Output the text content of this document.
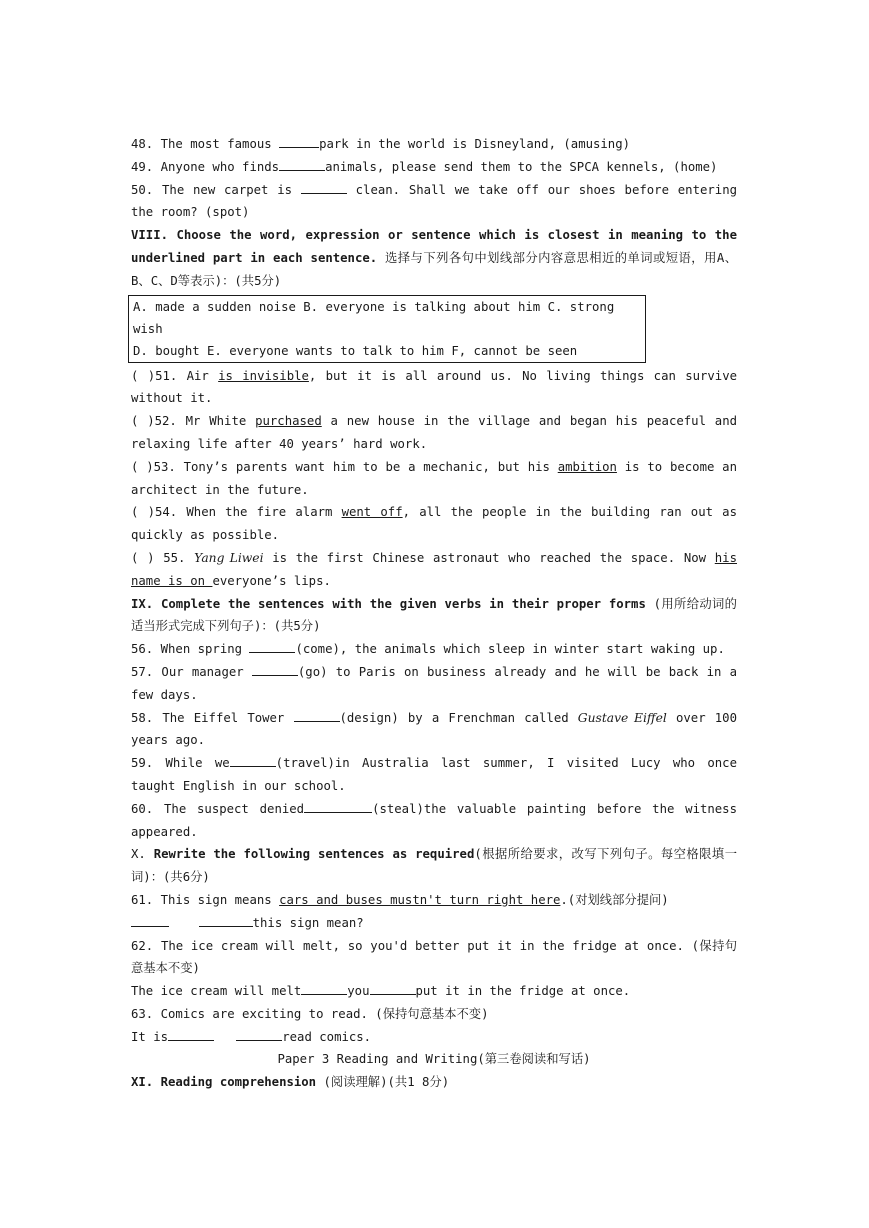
48. The most famous	park in the world is Disneyland, (amusing)

49. Anyone who finds	animals, please send them to the SPCA kennels, (home)

50. The new carpet is	clean. Shall we take off our shoes before entering the room? (spot)

VIII. Choose the word, expression or sentence which is closest in meaning to the underlined part in each sentence. 选择与下列各句中划线部分内容意思相近的单词或短语，用A、B、C、D等表示)：(共5分)

A. made a sudden noise B. everyone is talking about him C. strong wish
D. bought E. everyone wants to talk to him F, cannot be seen

( )51. Air is invisible, but it is all around us. No living things can survive without it.

( )52. Mr White purchased a new house in the village and began his peaceful and relaxing life after 40 years’ hard work.

( )53. Tony’s parents want him to be a mechanic, but his ambition is to become an architect in the future.

( )54. When the fire alarm went off, all the people in the building ran out as quickly as possible.

( ) 55. Yang Liwei is the first Chinese astronaut who reached the space. Now his name is on everyone’s lips.

IX. Complete the sentences with the given verbs in their proper forms (用所给动词的适当形式完成下列句子)：(共5分)

56. When spring	(come), the animals which sleep in winter start waking up.

57. Our manager	(go) to Paris on business already and he will be back in a few days.

58. The Eiffel Tower	(design) by a Frenchman called Gustave Eiffel over 100 years ago.

59. While we	(travel)in Australia last summer, I visited Lucy who once taught English in our school.

60. The suspect denied	(steal)the valuable painting before the witness appeared.

X. Rewrite the following sentences as required(根据所给要求，改写下列句子。每空格限填一词)：(共6分)

61. This sign means cars and buses mustn't turn right here.(对划线部分提问)

this sign mean?

62. The ice cream will melt, so you'd better put it in the fridge at once. (保持句意基本不变)

The ice cream will melt	you	put it in the fridge at once.

63. Comics are exciting to read. (保持句意基本不变)

It is	read comics.

Paper 3 Reading and Writing(第三卷阅读和写话)

XI. Reading comprehension (阅读理解)(共1 8分)
